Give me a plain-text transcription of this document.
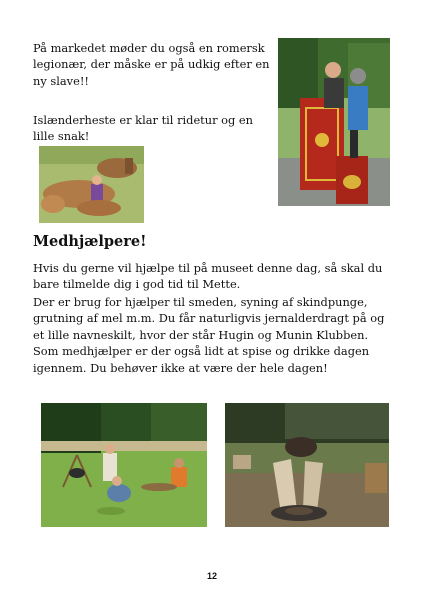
På markedet møder du også en romersk legionær, der måske er på udkig efter en ny slave!!

Islænderheste er klar til ridetur og en lille snak!

Medhjælpere!

Hvis du gerne vil hjælpe til på museet denne dag, så skal du bare tilmelde dig i god tid til Mette.

Der er brug for hjælper til smeden, syning af skindpunge, grutning af mel m.m. Du får naturligvis jernalderdragt på og et lille navneskilt, hvor der står Hugin og Munin Klubben. Som medhjælper er der også lidt at spise og drikke dagen igennem. Du behøver ikke at være der hele dagen!

12
